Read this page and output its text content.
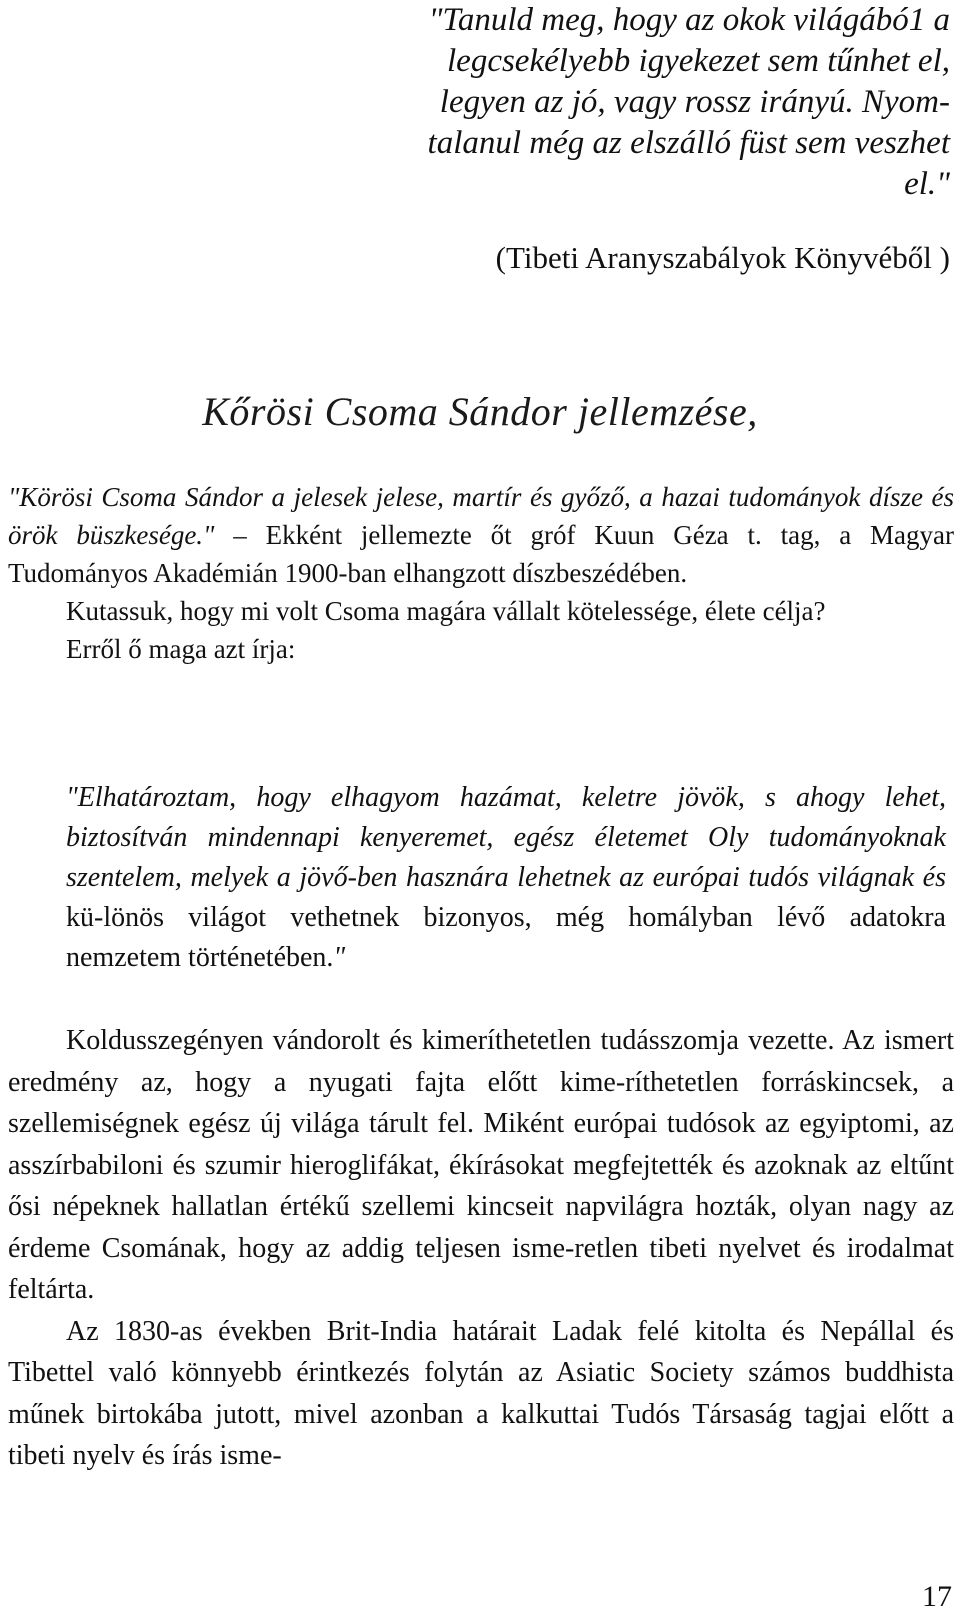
"Tanuld meg, hogy az okok világábó1 a

legcsekélyebb igyekezet sem tűnhet el,

legyen az jó, vagy rossz irányú. Nyom-

talanul még az elszálló füst sem veszhet

el."

(Tibeti Aranyszabályok Könyvéből )
Kőrösi Csoma Sándor jellemzése,

"Körösi Csoma Sándor a jelesek jelese, martír és győző, a hazai tudományok dísze és örök büszkesége." – Ekként jellemezte őt gróf Kuun Géza t. tag, a Magyar Tudományos Akadémián 1900-ban elhangzott díszbeszédében.

Kutassuk, hogy mi volt Csoma magára vállalt kötelessége, élete célja?

Erről ő maga azt írja:

"Elhatároztam, hogy elhagyom hazámat, keletre jövök, s ahogy lehet, biztosítván mindennapi kenyeremet, egész életemet Oly tudományoknak szentelem, melyek a jövő-ben hasznára lehetnek az európai tudós világnak és kü-lönös világot vethetnek bizonyos, még homályban lévő adatokra nemzetem történetében."

Koldusszegényen vándorolt és kimeríthetetlen tudásszomja vezette. Az ismert eredmény az, hogy a nyugati fajta előtt kime-ríthetetlen forráskincsek, a szellemiségnek egész új világa tárult fel. Miként európai tudósok az egyiptomi, az asszírbabiloni és szumir hieroglifákat, ékírásokat megfejtették és azoknak az eltűnt ősi népeknek hallatlan értékű szellemi kincseit napvilágra hozták, olyan nagy az érdeme Csomának, hogy az addig teljesen isme-retlen tibeti nyelvet és irodalmat feltárta.

Az 1830-as években Brit-India határait Ladak felé kitolta és Nepállal és Tibettel való könnyebb érintkezés folytán az Asiatic Society számos buddhista műnek birtokába jutott, mivel azonban a kalkuttai Tudós Társaság tagjai előtt a tibeti nyelv és írás isme-

17
